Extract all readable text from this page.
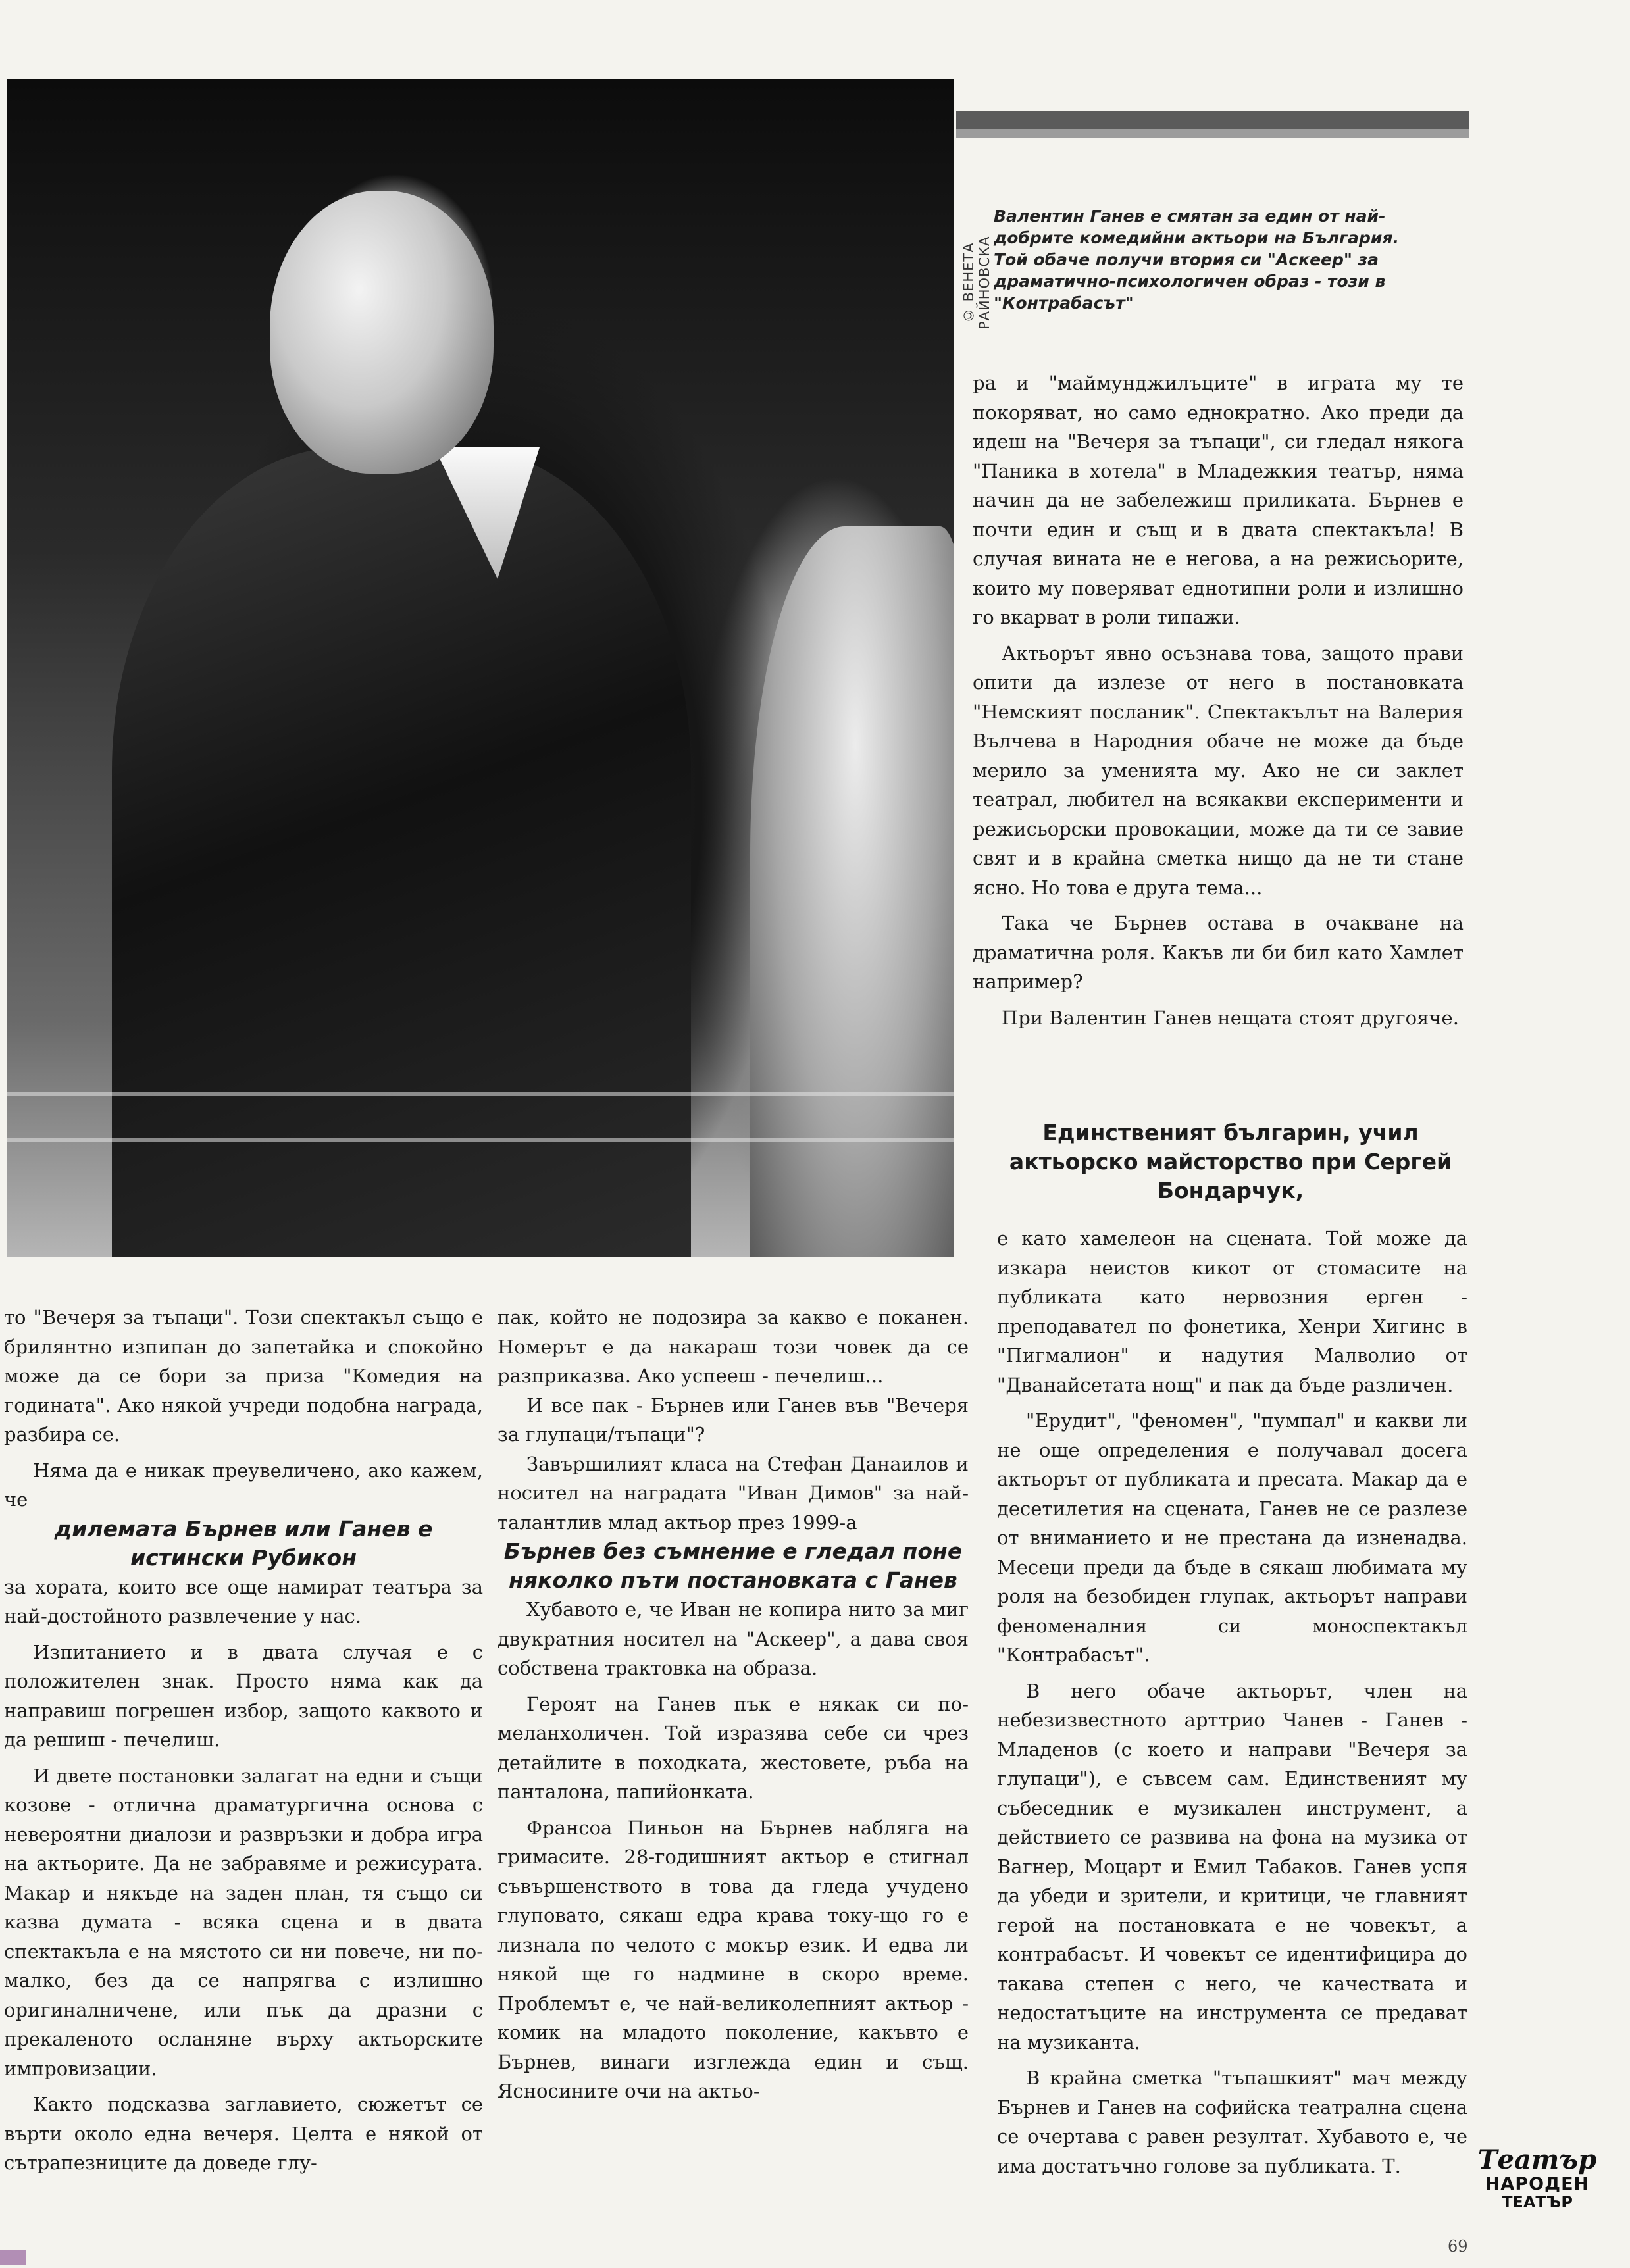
© ВЕНЕТА РАЙНОВСКА

Валентин Ганев е смятан за един от най-добрите комедийни актьори на България. Той обаче получи втория си "Аскеер" за драматично-психологичен образ - този в "Контрабасът"

ра и "маймунджилъците" в играта му те покоряват, но само еднократно. Ако преди да идеш на "Вечеря за тъпаци", си гледал някога "Паника в хотела" в Младежкия театър, няма начин да не забележиш приликата. Бърнев е почти един и същ и в двата спектакъла! В случая вината не е негова, а на режисьорите, които му поверяват еднотипни роли и излишно го вкарват в роли типажи.

Актьорът явно осъзнава това, защото прави опити да излезе от него в постановката "Немският посланик". Спектакълът на Валерия Вълчева в Народния обаче не може да бъде мерило за уменията му. Ако не си заклет театрал, любител на всякакви експерименти и режисьорски провокации, може да ти се завие свят и в крайна сметка нищо да не ти стане ясно. Но това е друга тема...

Така че Бърнев остава в очакване на драматична роля. Какъв ли би бил като Хамлет например?

При Валентин Ганев нещата стоят другояче.

Единственият българин, учил актьорско майсторство при Сергей Бондарчук,

е като хамелеон на сцената. Той може да изкара неистов кикот от стомасите на публиката като нервозния ерген - преподавател по фонетика, Хенри Хигинс в "Пигмалион" и надутия Малволио от "Дванайсетата нощ" и пак да бъде различен.

"Ерудит", "феномен", "пумпал" и какви ли не още определения е получавал досега актьорът от публиката и пресата. Макар да е десетилетия на сцената, Ганев не се разлезе от вниманието и не престана да изненадва. Месеци преди да бъде в сякаш любимата му роля на безобиден глупак, актьорът направи феноменалния си моноспектакъл "Контрабасът".

В него обаче актьорът, член на небезизвестното арттрио Чанев - Ганев - Младенов (с което и направи "Вечеря за глупаци"), е съвсем сам. Единственият му събеседник е музикален инструмент, а действието се развива на фона на музика от Вагнер, Моцарт и Емил Табаков. Ганев успя да убеди и зрители, и критици, че главният герой на постановката е не човекът, а контрабасът. И човекът се идентифицира до такава степен с него, че качествата и недостатъците на инструмента се предават на музиканта.

В крайна сметка "тъпашкият" мач между Бърнев и Ганев на софийска театрална сцена се очертава с равен резултат. Хубавото е, че има достатъчно голове за публиката. Т.

то "Вечеря за тъпаци". Този спектакъл също е брилянтно изпипан до запетайка и спокойно може да се бори за приза "Комедия на годината". Ако някой учреди подобна награда, разбира се.

Няма да е никак преувеличено, ако кажем, че

дилемата Бърнев или Ганев е истински Рубикон

за хората, които все още намират театъра за най-достойното развлечение у нас.

Изпитанието и в двата случая е с положителен знак. Просто няма как да направиш погрешен избор, защото каквото и да решиш - печелиш.

И двете постановки залагат на едни и същи козове - отлична драматургична основа с невероятни диалози и развръзки и добра игра на актьорите. Да не забравяме и режисурата. Макар и някъде на заден план, тя също си казва думата - всяка сцена и в двата спектакъла е на мястото си ни повече, ни по-малко, без да се напрягва с излишно оригиналничене, или пък да дразни с прекаленото осланяне върху актьорските импровизации.

Както подсказва заглавието, сюжетът се върти около една вечеря. Целта е някой от сътрапезниците да доведе глу-

пак, който не подозира за какво е поканен. Номерът е да накараш този човек да се разприказва. Ако успееш - печелиш...

И все пак - Бърнев или Ганев във "Вечеря за глупаци/тъпаци"?

Завършилият класа на Стефан Данаилов и носител на наградата "Иван Димов" за най-талантлив млад актьор през 1999-а

Бърнев без съмнение е гледал поне няколко пъти постановката с Ганев

Хубавото е, че Иван не копира нито за миг двукратния носител на "Аскеер", а дава своя собствена трактовка на образа.

Героят на Ганев пък е някак си по-меланхоличен. Той изразява себе си чрез детайлите в походката, жестовете, ръба на панталона, папийонката.

Франсоа Пиньон на Бърнев набляга на гримасите. 28-годишният актьор е стигнал съвършенството в това да гледа учудено глуповато, сякаш едра крава току-що го е лизнала по челото с мокър език. И едва ли някой ще го надмине в скоро време. Проблемът е, че най-великолепният актьор - комик на младото поколение, какъвто е Бърнев, винаги изглежда един и същ. Ясносините очи на актьо-

Театър
НАРОДЕН
ТЕАТЪР
69
